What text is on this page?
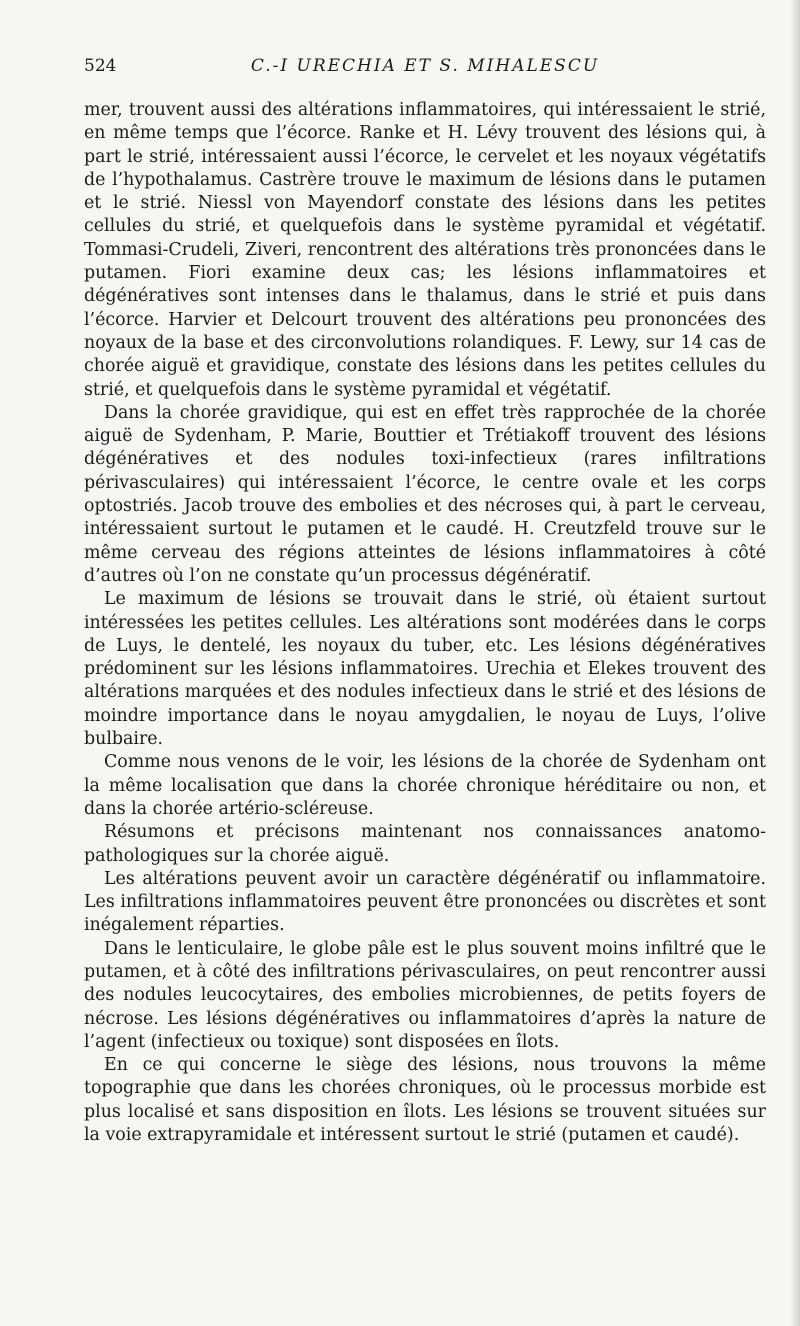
524	C.-I URECHIA ET S. MIHALESCU

mer, trouvent aussi des altérations inflammatoires, qui intéressaient le strié, en même temps que l’écorce. Ranke et H. Lévy trouvent des lésions qui, à part le strié, intéressaient aussi l’écorce, le cervelet et les noyaux végétatifs de l’hypothalamus. Castrère trouve le maximum de lésions dans le putamen et le strié. Niessl von Mayendorf constate des lésions dans les petites cellules du strié, et quelquefois dans le système pyramidal et végétatif. Tommasi-Crudeli, Ziveri, rencontrent des altérations très prononcées dans le putamen. Fiori examine deux cas; les lésions inflammatoires et dégénératives sont intenses dans le thalamus, dans le strié et puis dans l’écorce. Harvier et Delcourt trouvent des altérations peu prononcées des noyaux de la base et des circonvolutions rolandiques. F. Lewy, sur 14 cas de chorée aiguë et gravidique, constate des lésions dans les petites cellules du strié, et quelquefois dans le système pyramidal et végétatif.

Dans la chorée gravidique, qui est en effet très rapprochée de la chorée aiguë de Sydenham, P. Marie, Bouttier et Trétiakoff trouvent des lésions dégénératives et des nodules toxi-infectieux (rares infiltrations périvasculaires) qui intéressaient l’écorce, le centre ovale et les corps optostriés. Jacob trouve des embolies et des nécroses qui, à part le cerveau, intéressaient surtout le putamen et le caudé. H. Creutzfeld trouve sur le même cerveau des régions atteintes de lésions inflammatoires à côté d’autres où l’on ne constate qu’un processus dégénératif.

Le maximum de lésions se trouvait dans le strié, où étaient surtout intéressées les petites cellules. Les altérations sont modérées dans le corps de Luys, le dentelé, les noyaux du tuber, etc. Les lésions dégénératives prédominent sur les lésions inflammatoires. Urechia et Elekes trouvent des altérations marquées et des nodules infectieux dans le strié et des lésions de moindre importance dans le noyau amygdalien, le noyau de Luys, l’olive bulbaire.

Comme nous venons de le voir, les lésions de la chorée de Sydenham ont la même localisation que dans la chorée chronique héréditaire ou non, et dans la chorée artério-scléreuse.

Résumons et précisons maintenant nos connaissances anatomo-pathologiques sur la chorée aiguë.

Les altérations peuvent avoir un caractère dégénératif ou inflammatoire. Les infiltrations inflammatoires peuvent être prononcées ou discrètes et sont inégalement réparties.

Dans le lenticulaire, le globe pâle est le plus souvent moins infiltré que le putamen, et à côté des infiltrations périvasculaires, on peut rencontrer aussi des nodules leucocytaires, des embolies microbiennes, de petits foyers de nécrose. Les lésions dégénératives ou inflammatoires d’après la nature de l’agent (infectieux ou toxique) sont disposées en îlots.

En ce qui concerne le siège des lésions, nous trouvons la même topographie que dans les chorées chroniques, où le processus morbide est plus localisé et sans disposition en îlots. Les lésions se trouvent situées sur la voie extrapyramidale et intéressent surtout le strié (putamen et caudé).
